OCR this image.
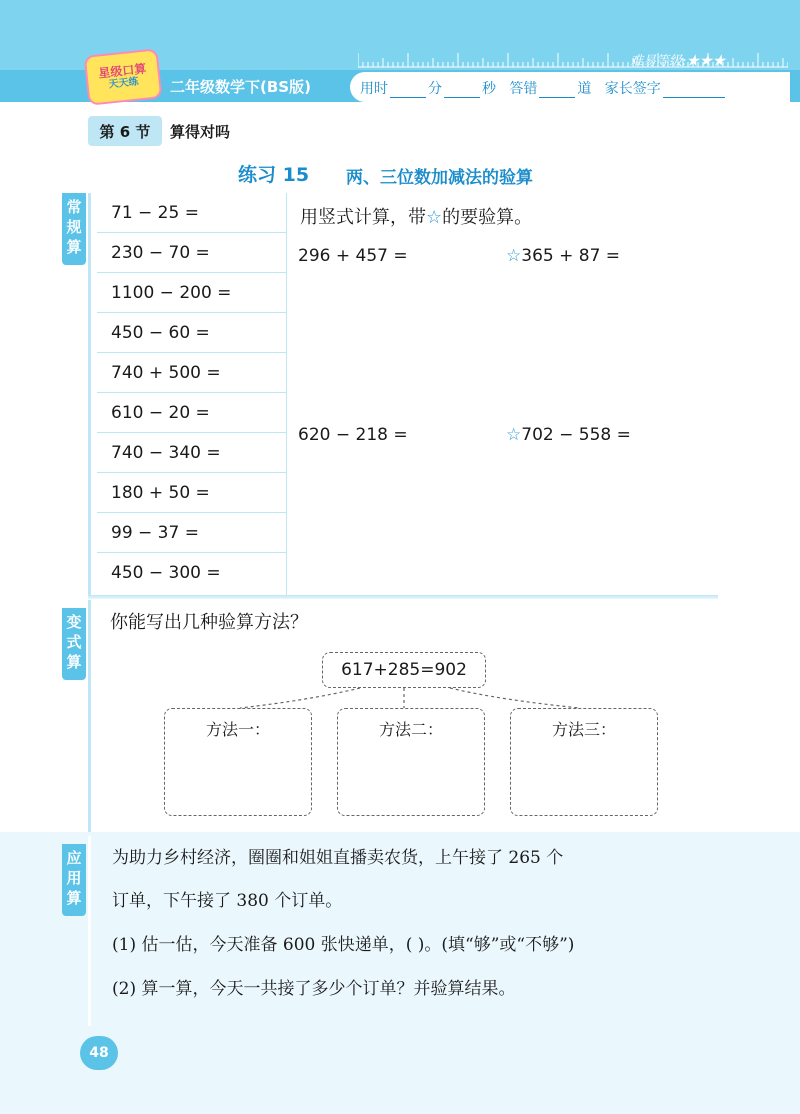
星级口算
天天练 二年级数学下(BS版)
难易等级:★★★
用时	分	秒 答错	道 家长签字
第 6 节	算得对吗
练习 15 两、三位数加减法的验算
常
规
算
71 − 25 =
230 − 70 =
1100 − 200 =
450 − 60 =
740 + 500 =
610 − 20 =
740 − 340 =
180 + 50 =
99 − 37 =
450 − 300 =
用竖式计算，带☆的要验算。
296 + 457 =	☆365 + 87 =
620 − 218 =	☆702 − 558 =
变
式
算
你能写出几种验算方法？
617+285=902
方法一：	方法二：	方法三：
应
用
算
为助力乡村经济，圈圈和姐姐直播卖农货，上午接了 265 个
订单，下午接了 380 个订单。
(1) 估一估，今天准备 600 张快递单，( )。(填“够”或“不够”)
(2) 算一算，今天一共接了多少个订单？并验算结果。
48
